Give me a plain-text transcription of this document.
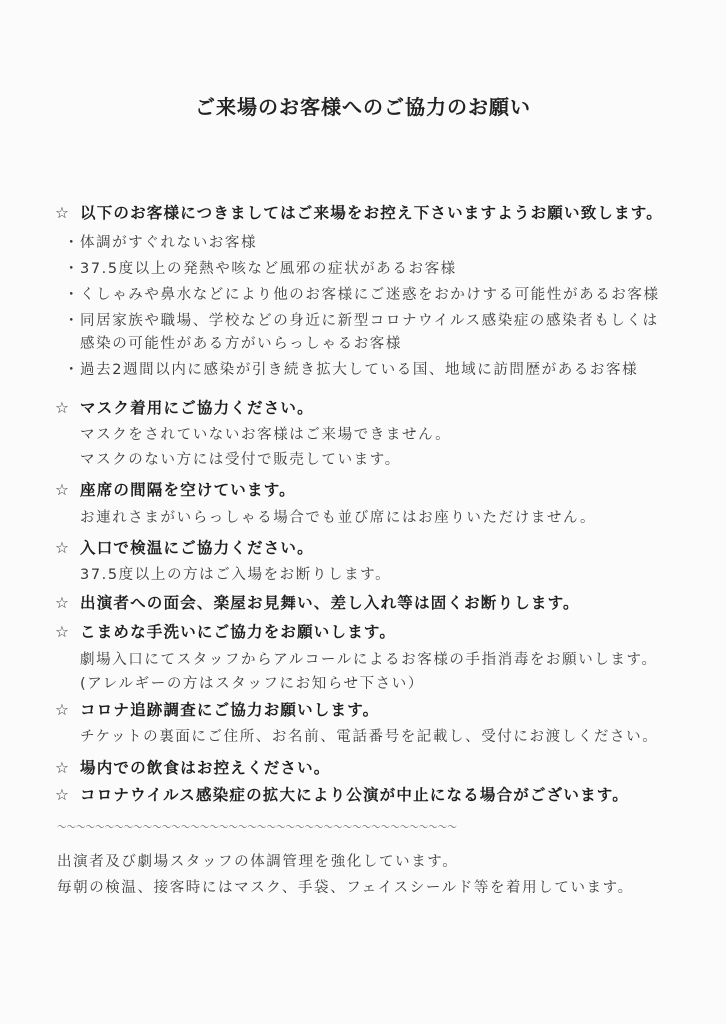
ご来場のお客様へのご協力のお願い
☆ 以下のお客様につきましてはご来場をお控え下さいますようお願い致します。
・体調がすぐれないお客様
・37.5度以上の発熱や咳など風邪の症状があるお客様
・くしゃみや鼻水などにより他のお客様にご迷惑をおかけする可能性があるお客様
・同居家族や職場、学校などの身近に新型コロナウイルス感染症の感染者もしくは
感染の可能性がある方がいらっしゃるお客様
・過去2週間以内に感染が引き続き拡大している国、地域に訪問歴があるお客様
☆ マスク着用にご協力ください。
マスクをされていないお客様はご来場できません。
マスクのない方には受付で販売しています。
☆ 座席の間隔を空けています。
お連れさまがいらっしゃる場合でも並び席にはお座りいただけません。
☆ 入口で検温にご協力ください。
37.5度以上の方はご入場をお断りします。
☆ 出演者への面会、楽屋お見舞い、差し入れ等は固くお断りします。
☆ こまめな手洗いにご協力をお願いします。
劇場入口にてスタッフからアルコールによるお客様の手指消毒をお願いします。
(アレルギーの方はスタッフにお知らせ下さい）
☆ コロナ追跡調査にご協力お願いします。
チケットの裏面にご住所、お名前、電話番号を記載し、受付にお渡しください。
☆ 場内での飲食はお控えください。
☆ コロナウイルス感染症の拡大により公演が中止になる場合がございます。
～～～～～～～～～～～～～～～～～～～～～～～～～～～～～～～～～～～～～～～～～～
出演者及び劇場スタッフの体調管理を強化しています。
毎朝の検温、接客時にはマスク、手袋、フェイスシールド等を着用しています。
